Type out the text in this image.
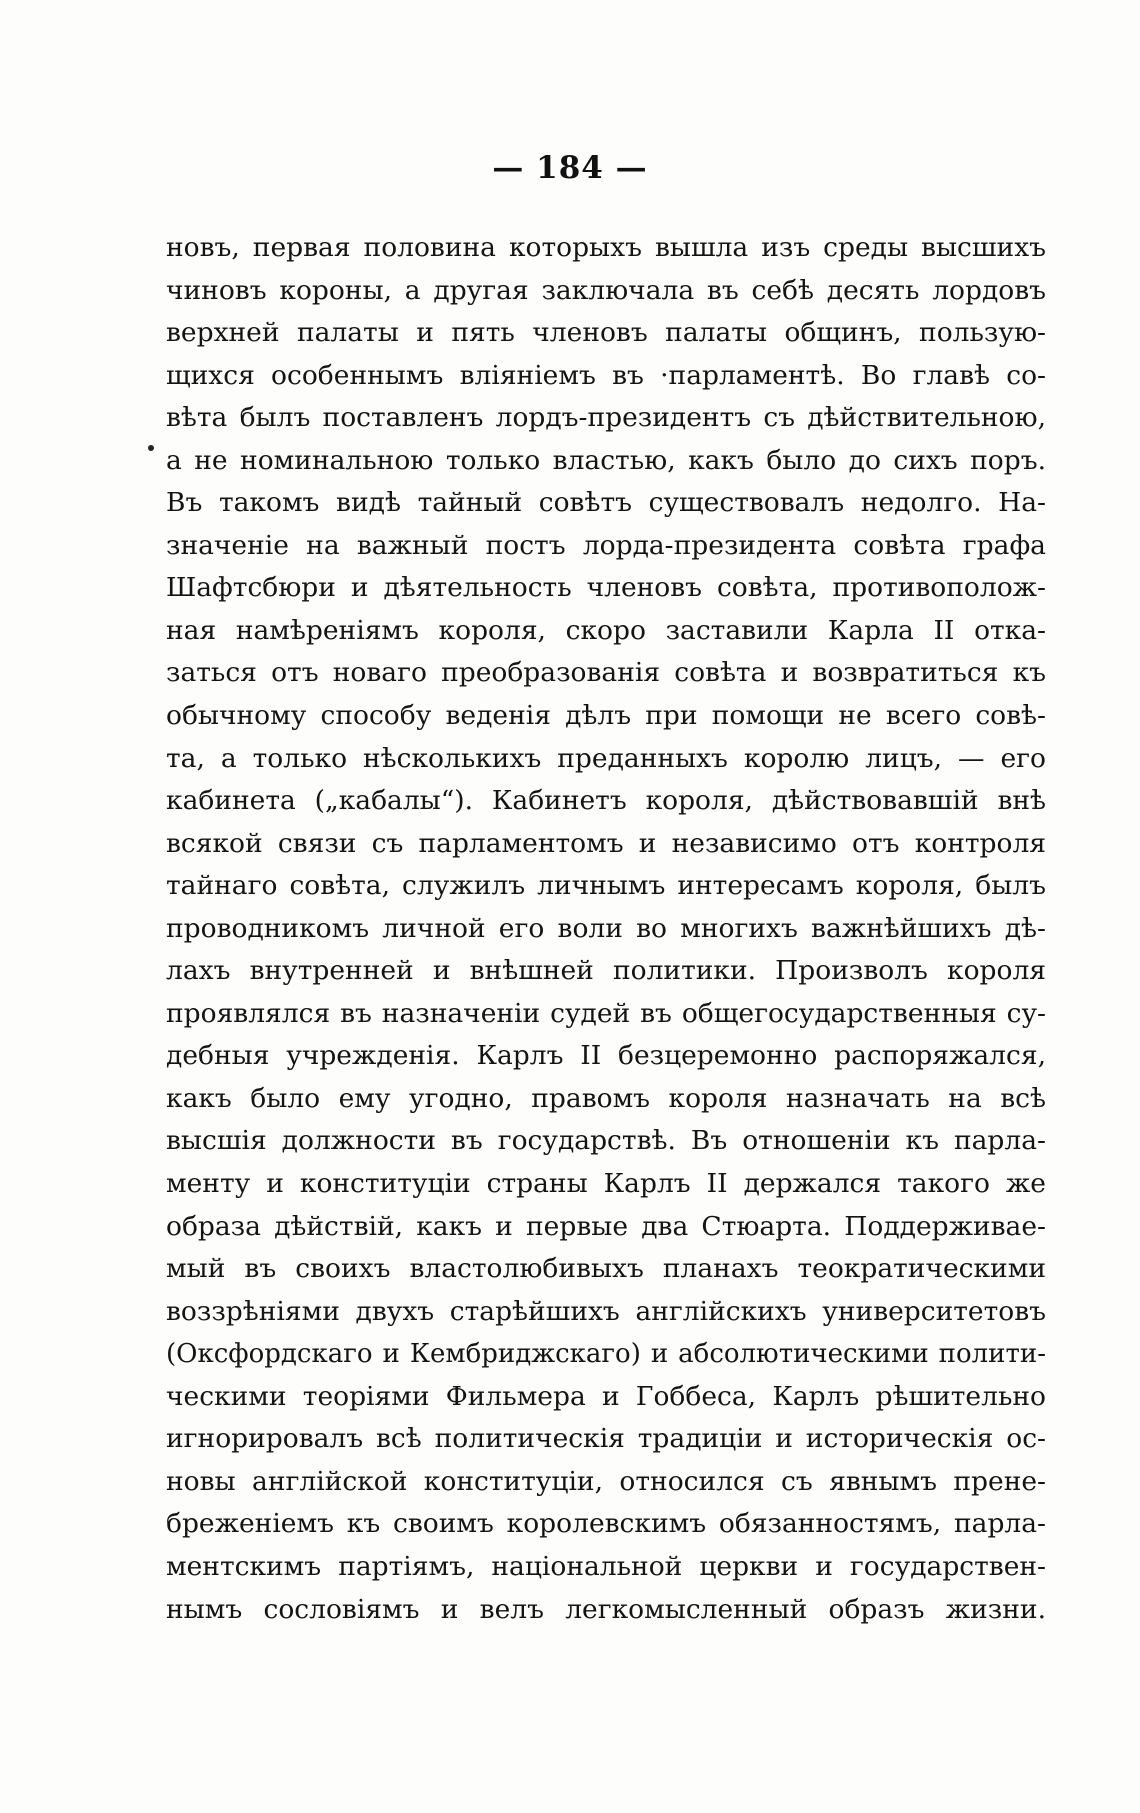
— 184 —
новъ, первая половина которыхъ вышла изъ среды высшихъ
чиновъ короны, а другая заключала въ себѣ десять лордовъ
верхней палаты и пять членовъ палаты общинъ, пользую-
щихся особеннымъ вліяніемъ въ ·парламентѣ. Во главѣ со-
вѣта былъ поставленъ лордъ-президентъ съ дѣйствительною,
а не номинальною только властью, какъ было до сихъ поръ.
Въ такомъ видѣ тайный совѣтъ существовалъ недолго. На-
значеніе на важный постъ лорда-президента совѣта графа
Шафтсбюри и дѣятельность членовъ совѣта, противополож-
ная намѣреніямъ короля, скоро заставили Карла II отка-
заться отъ новаго преобразованія совѣта и возвратиться къ
обычному способу веденія дѣлъ при помощи не всего совѣ-
та, а только нѣсколькихъ преданныхъ королю лицъ, — его
кабинета („кабалы“). Кабинетъ короля, дѣйствовавшій внѣ
всякой связи съ парламентомъ и независимо отъ контроля
тайнаго совѣта, служилъ личнымъ интересамъ короля, былъ
проводникомъ личной его воли во многихъ важнѣйшихъ дѣ-
лахъ внутренней и внѣшней политики. Произволъ короля
проявлялся въ назначеніи судей въ общегосударственныя су-
дебныя учрежденія. Карлъ II безцеремонно распоряжался,
какъ было ему угодно, правомъ короля назначать на всѣ
высшія должности въ государствѣ. Въ отношеніи къ парла-
менту и конституціи страны Карлъ II держался такого же
образа дѣйствій, какъ и первые два Стюарта. Поддерживае-
мый въ своихъ властолюбивыхъ планахъ теократическими
воззрѣніями двухъ старѣйшихъ англійскихъ университетовъ
(Оксфордскаго и Кембриджскаго) и абсолютическими полити-
ческими теоріями Фильмера и Гоббеса, Карлъ рѣшительно
игнорировалъ всѣ политическія традиціи и историческія ос-
новы англійской конституціи, относился съ явнымъ прене-
бреженіемъ къ своимъ королевскимъ обязанностямъ, парла-
ментскимъ партіямъ, національной церкви и государствен-
нымъ сословіямъ и велъ легкомысленный образъ жизни.
